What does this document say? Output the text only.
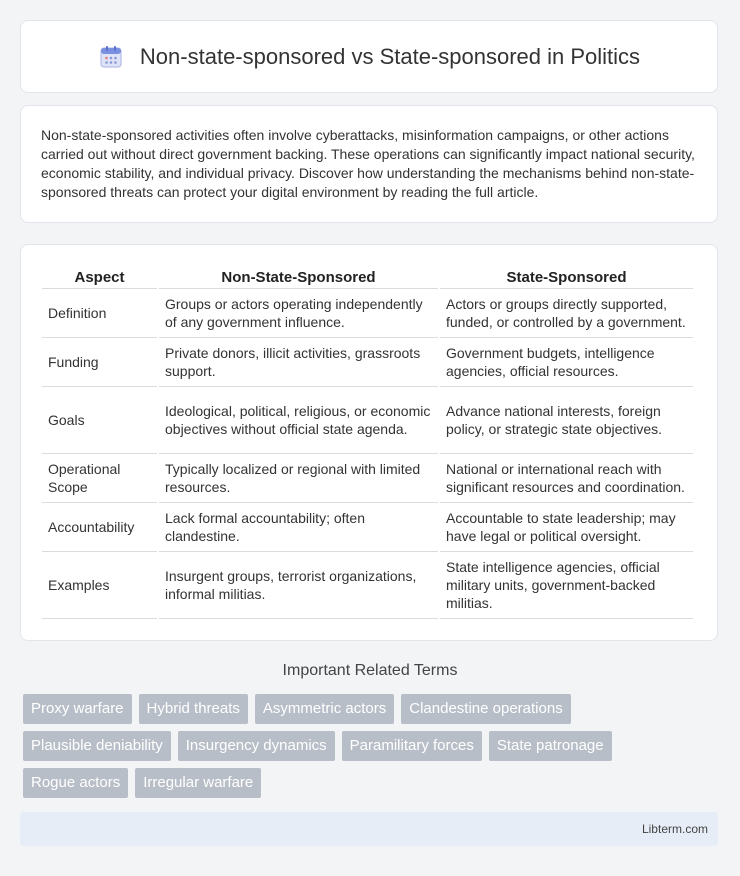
Non-state-sponsored vs State-sponsored in Politics

Non-state-sponsored activities often involve cyberattacks, misinformation campaigns, or other actions carried out without direct government backing. These operations can significantly impact national security, economic stability, and individual privacy. Discover how understanding the mechanisms behind non-state-sponsored threats can protect your digital environment by reading the full article.

Aspect	Non-State-Sponsored	State-Sponsored
Definition	Groups or actors operating independently of any government influence.	Actors or groups directly supported, funded, or controlled by a government.
Funding	Private donors, illicit activities, grassroots support.	Government budgets, intelligence agencies, official resources.
Goals	Ideological, political, religious, or economic objectives without official state agenda.	Advance national interests, foreign policy, or strategic state objectives.
Operational Scope	Typically localized or regional with limited resources.	National or international reach with significant resources and coordination.
Accountability	Lack formal accountability; often clandestine.	Accountable to state leadership; may have legal or political oversight.
Examples	Insurgent groups, terrorist organizations, informal militias.	State intelligence agencies, official military units, government-backed militias.
Important Related Terms
Proxy warfare	Hybrid threats	Asymmetric actors	Clandestine operations
Plausible deniability	Insurgency dynamics	Paramilitary forces	State patronage
Rogue actors	Irregular warfare
Libterm.com
